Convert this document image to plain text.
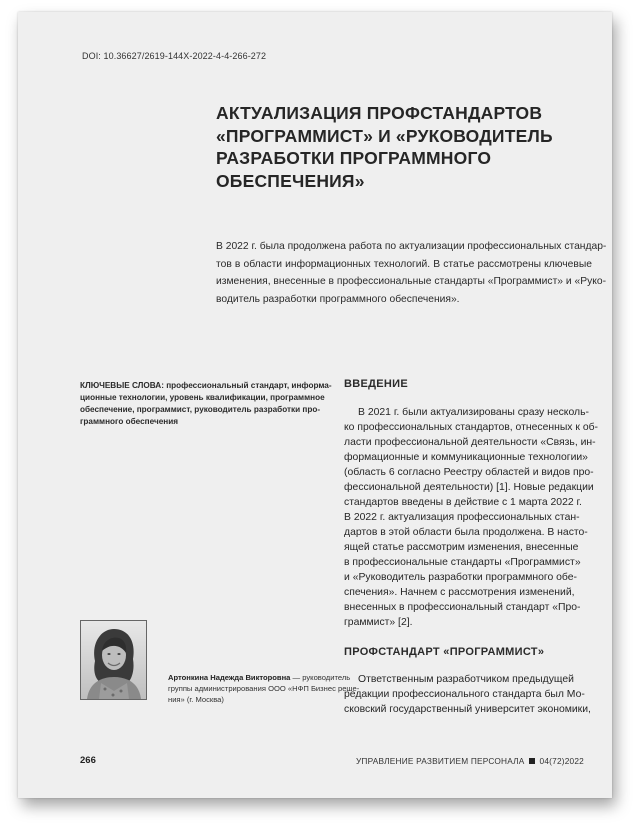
DOI: 10.36627/2619-144X-2022-4-4-266-272
АКТУАЛИЗАЦИЯ ПРОФСТАНДАРТОВ
«ПРОГРАММИСТ» И «РУКОВОДИТЕЛЬ
РАЗРАБОТКИ ПРОГРАММНОГО
ОБЕСПЕЧЕНИЯ»
В 2022 г. была продолжена работа по актуализации профессиональных стандар-
тов в области информационных технологий. В статье рассмотрены ключевые
изменения, внесенные в профессиональные стандарты «Программист» и «Руко-
водитель разработки программного обеспечения».
КЛЮЧЕВЫЕ СЛОВА: профессиональный стандарт, информа-
ционные технологии, уровень квалификации, программное
обеспечение, программист, руководитель разработки про-
граммного обеспечения
ВВЕДЕНИЕ
В 2021 г. были актуализированы сразу несколь-
ко профессиональных стандартов, отнесенных к об-
ласти профессиональной деятельности «Связь, ин-
формационные и коммуникационные технологии»
(область 6 согласно Реестру областей и видов про-
фессиональной деятельности) [1]. Новые редакции
стандартов введены в действие с 1 марта 2022 г.
В 2022 г. актуализация профессиональных стан-
дартов в этой области была продолжена. В насто-
ящей статье рассмотрим изменения, внесенные
в профессиональные стандарты «Программист»
и «Руководитель разработки программного обе-
спечения». Начнем с рассмотрения изменений,
внесенных в профессиональный стандарт «Про-
граммист» [2].
Артонкина Надежда Викторовна — руководитель
группы администрирования ООО «НФП Бизнес реше-
ния» (г. Москва)
ПРОФСТАНДАРТ «ПРОГРАММИСТ»
Ответственным разработчиком предыдущей
редакции профессионального стандарта был Мо-
сковский государственный университет экономики,
266	УПРАВЛЕНИЕ РАЗВИТИЕМ ПЕРСОНАЛА 04(72)2022
